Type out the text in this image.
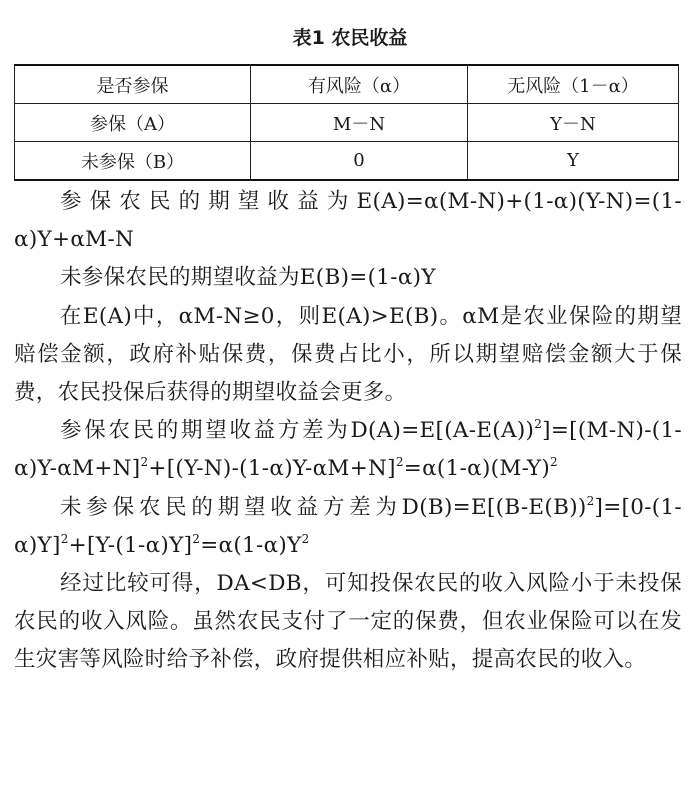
表1 农民收益
是否参保	有风险（α）	无风险（1－α）
参保（A）	M－N	Y－N
未参保（B）	0	Y

参保农民的期望收益为E(A)=α(M-N)+(1-α)(Y-N)=(1-α)Y+αM-N

未参保农民的期望收益为E(B)=(1-α)Y

在E(A)中，αM-N≥0，则E(A)>E(B)。αM是农业保险的期望赔偿金额，政府补贴保费，保费占比小，所以期望赔偿金额大于保费，农民投保后获得的期望收益会更多。

参保农民的期望收益方差为$D(A)=E[(A-E(A))^2]=[(M-N)-(1-\alpha)Y-\alpha M+N]^2+[(Y-N)-(1-\alpha)Y-\alpha M+N]^2=\alpha(1-\alpha)(M-Y)^2$

未参保农民的期望收益方差为$D(B)=E[(B-E(B))^2]=[0-(1-\alpha)Y]^2+[Y-(1-\alpha)Y]^2=\alpha(1-\alpha)Y^2$

经过比较可得，DA<DB，可知投保农民的收入风险小于未投保农民的收入风险。虽然农民支付了一定的保费，但农业保险可以在发生灾害等风险时给予补偿，政府提供相应补贴，提高农民的收入。
